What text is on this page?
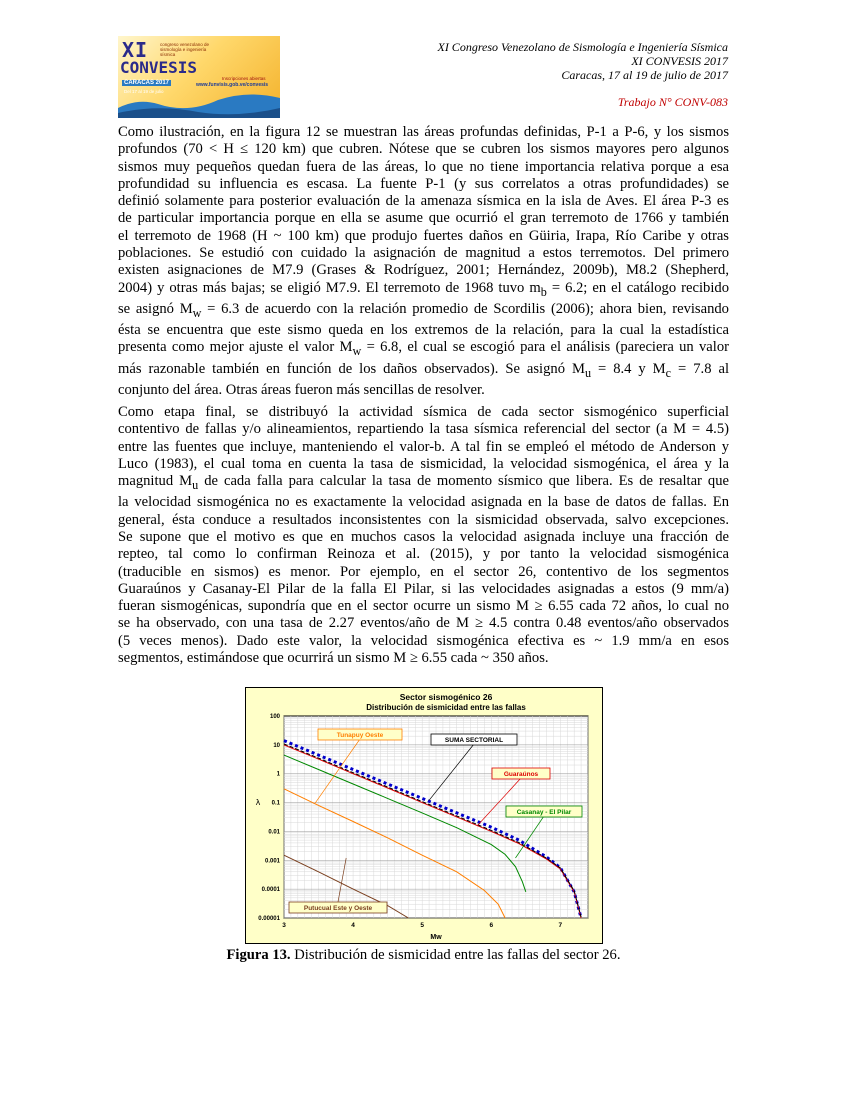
XI	congreso venezolano de sismología e ingeniería sísmica
CONVESIS
CARACAS 2017
Del 17 al 19 de julio
Inscripciones abiertas
www.funvisis.gob.ve/convesis
XI Congreso Venezolano de Sismología e Ingeniería Sísmica
XI CONVESIS 2017
Caracas, 17 al 19 de julio de 2017
Trabajo N° CONV-083
Como ilustración, en la figura 12 se muestran las áreas profundas definidas, P-1 a P-6, y los sismos
profundos (70 < H ≤ 120 km) que cubren. Nótese que se cubren los sismos mayores pero algunos
sismos muy pequeños quedan fuera de las áreas, lo que no tiene importancia relativa porque a esa
profundidad su influencia es escasa. La fuente P-1 (y sus correlatos a otras profundidades) se
definió solamente para posterior evaluación de la amenaza sísmica en la isla de Aves. El área P-3 es
de particular importancia porque en ella se asume que ocurrió el gran terremoto de 1766 y también
el terremoto de 1968 (H ~ 100 km) que produjo fuertes daños en Güiria, Irapa, Río Caribe y otras
poblaciones. Se estudió con cuidado la asignación de magnitud a estos terremotos. Del primero
existen asignaciones de M7.9 (Grases & Rodríguez, 2001; Hernández, 2009b), M8.2 (Shepherd,
2004) y otras más bajas; se eligió M7.9. El terremoto de 1968 tuvo $m_b = 6.2$; en el catálogo recibido
se asignó $M_w = 6.3$ de acuerdo con la relación promedio de Scordilis (2006); ahora bien, revisando
ésta se encuentra que este sismo queda en los extremos de la relación, para la cual la estadística
presenta como mejor ajuste el valor $M_w = 6.8$, el cual se escogió para el análisis (pareciera un valor
más razonable también en función de los daños observados). Se asignó $M_u = 8.4$ y $M_c = 7.8$ al
conjunto del área. Otras áreas fueron más sencillas de resolver.
Como etapa final, se distribuyó la actividad sísmica de cada sector sismogénico superficial
contentivo de fallas y/o alineamientos, repartiendo la tasa sísmica referencial del sector (a M = 4.5)
entre las fuentes que incluye, manteniendo el valor-b. A tal fin se empleó el método de Anderson y
Luco (1983), el cual toma en cuenta la tasa de sismicidad, la velocidad sismogénica, el área y la
magnitud $M_u$ de cada falla para calcular la tasa de momento sísmico que libera. Es de resaltar que
la velocidad sismogénica no es exactamente la velocidad asignada en la base de datos de fallas. En
general, ésta conduce a resultados inconsistentes con la sismicidad observada, salvo excepciones.
Se supone que el motivo es que en muchos casos la velocidad asignada incluye una fracción de
repteo, tal como lo confirman Reinoza et al. (2015), y por tanto la velocidad sismogénica
(traducible en sismos) es menor. Por ejemplo, en el sector 26, contentivo de los segmentos
Guaraúnos y Casanay-El Pilar de la falla El Pilar, si las velocidades asignadas a estos (9 mm/a)
fueran sismogénicas, supondría que en el sector ocurre un sismo M ≥ 6.55 cada 72 años, lo cual no
se ha observado, con una tasa de 2.27 eventos/año de M ≥ 4.5 contra 0.48 eventos/año observados
(5 veces menos). Dado este valor, la velocidad sismogénica efectiva es ~ 1.9 mm/a en esos
segmentos, estimándose que ocurrirá un sismo M ≥ 6.55 cada ~ 350 años.
Sector sismogénico 26
Distribución de sismicidad entre las fallas
100
10
1
0.1
0.01
0.001
0.0001
0.00001
3	4	5	6	7
Mw
λ
Tunapuy Oeste
SUMA SECTORIAL
Guaraúnos
Casanay - El Pilar
Putucual Este y Oeste
Figura 13. Distribución de sismicidad entre las fallas del sector 26.
